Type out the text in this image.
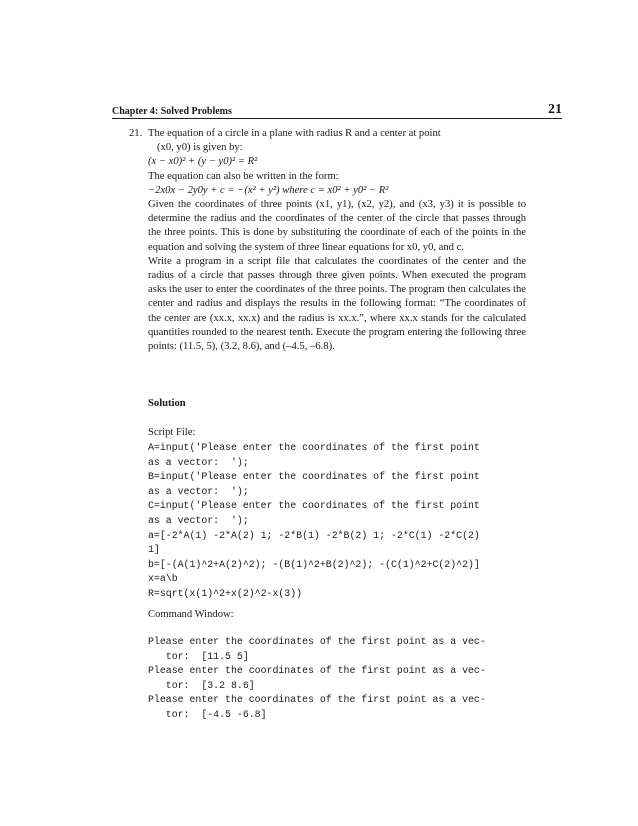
Chapter 4: Solved Problems	21
21. The equation of a circle in a plane with radius R and a center at point

(x0, y0) is given by:

(x − x0)² + (y − y0)² = R²

The equation can also be written in the form:

−2x0x − 2y0y + c = −(x² + y²) where c = x0² + y0² − R²

Given the coordinates of three points (x1, y1), (x2, y2), and (x3, y3) it is possible to determine the radius and the coordinates of the center of the circle that passes through the three points. This is done by substituting the coordinate of each of the points in the equation and solving the system of three linear equations for x0, y0, and c.

Write a program in a script file that calculates the coordinates of the center and the radius of a circle that passes through three given points. When executed the program asks the user to enter the coordinates of the three points. The program then calculates the center and radius and displays the results in the following format: “The coordinates of the center are (xx.x, xx.x) and the radius is xx.x.”, where xx.x stands for the calculated quantities rounded to the nearest tenth. Execute the program entering the following three points: (11.5, 5), (3.2, 8.6), and (–4.5, –6.8).

Solution
Script File:
A=input('Please enter the coordinates of the first point
as a vector:  ');
B=input('Please enter the coordinates of the first point
as a vector:  ');
C=input('Please enter the coordinates of the first point
as a vector:  ');
a=[-2*A(1) -2*A(2) 1; -2*B(1) -2*B(2) 1; -2*C(1) -2*C(2)
1]
b=[-(A(1)^2+A(2)^2); -(B(1)^2+B(2)^2); -(C(1)^2+C(2)^2)]
x=a\b
R=sqrt(x(1)^2+x(2)^2-x(3))
Command Window:
Please enter the coordinates of the first point as a vec-
tor:  [11.5 5]
Please enter the coordinates of the first point as a vec-
tor:  [3.2 8.6]
Please enter the coordinates of the first point as a vec-
tor:  [-4.5 -6.8]
